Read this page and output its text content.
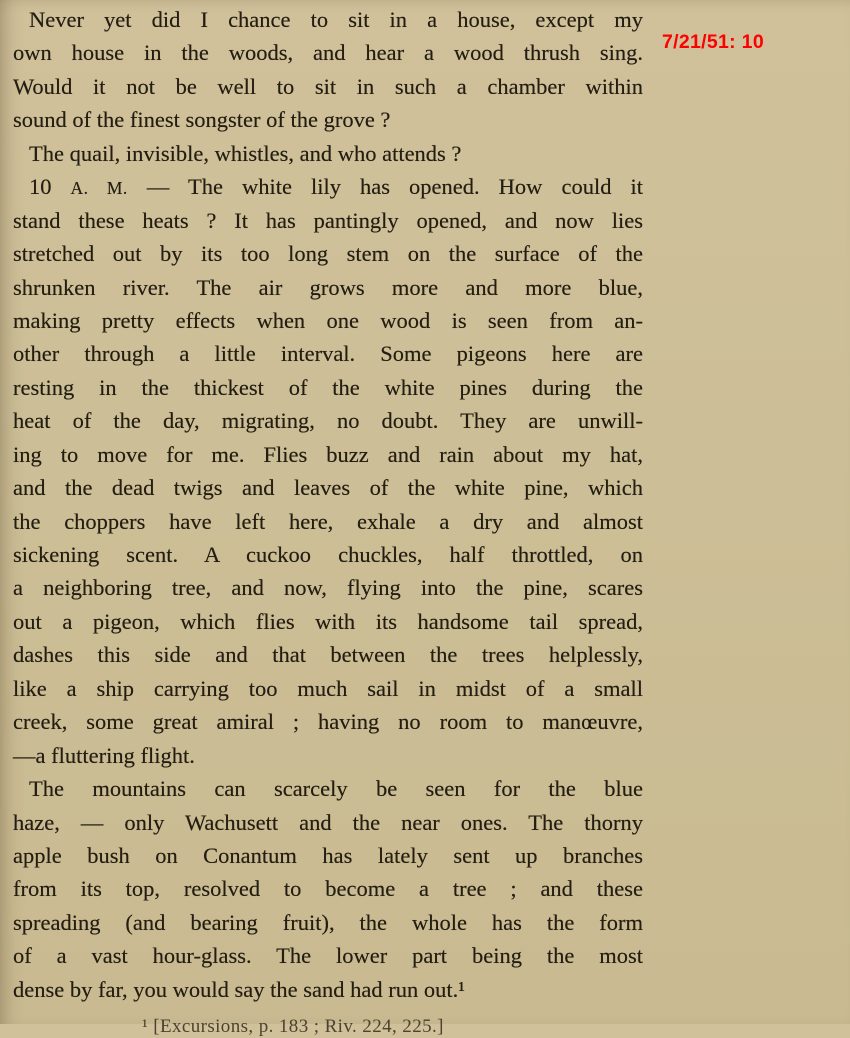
Never yet did I chance to sit in a house, except my
own house in the woods, and hear a wood thrush sing.
Would it not be well to sit in such a chamber within
sound of the finest songster of the grove ?
The quail, invisible, whistles, and who attends ?
10 A. M. — The white lily has opened. How could it
stand these heats ? It has pantingly opened, and now lies
stretched out by its too long stem on the surface of the
shrunken river. The air grows more and more blue,
making pretty effects when one wood is seen from an-
other through a little interval. Some pigeons here are
resting in the thickest of the white pines during the
heat of the day, migrating, no doubt. They are unwill-
ing to move for me. Flies buzz and rain about my hat,
and the dead twigs and leaves of the white pine, which
the choppers have left here, exhale a dry and almost
sickening scent. A cuckoo chuckles, half throttled, on
a neighboring tree, and now, flying into the pine, scares
out a pigeon, which flies with its handsome tail spread,
dashes this side and that between the trees helplessly,
like a ship carrying too much sail in midst of a small
creek, some great amiral ; having no room to manœuvre,
—a fluttering flight.
The mountains can scarcely be seen for the blue
haze, — only Wachusett and the near ones. The thorny
apple bush on Conantum has lately sent up branches
from its top, resolved to become a tree ; and these
spreading (and bearing fruit), the whole has the form
of a vast hour-glass. The lower part being the most
dense by far, you would say the sand had run out.¹
7/21/51: 10
¹ [Excursions, p. 183 ; Riv. 224, 225.]
